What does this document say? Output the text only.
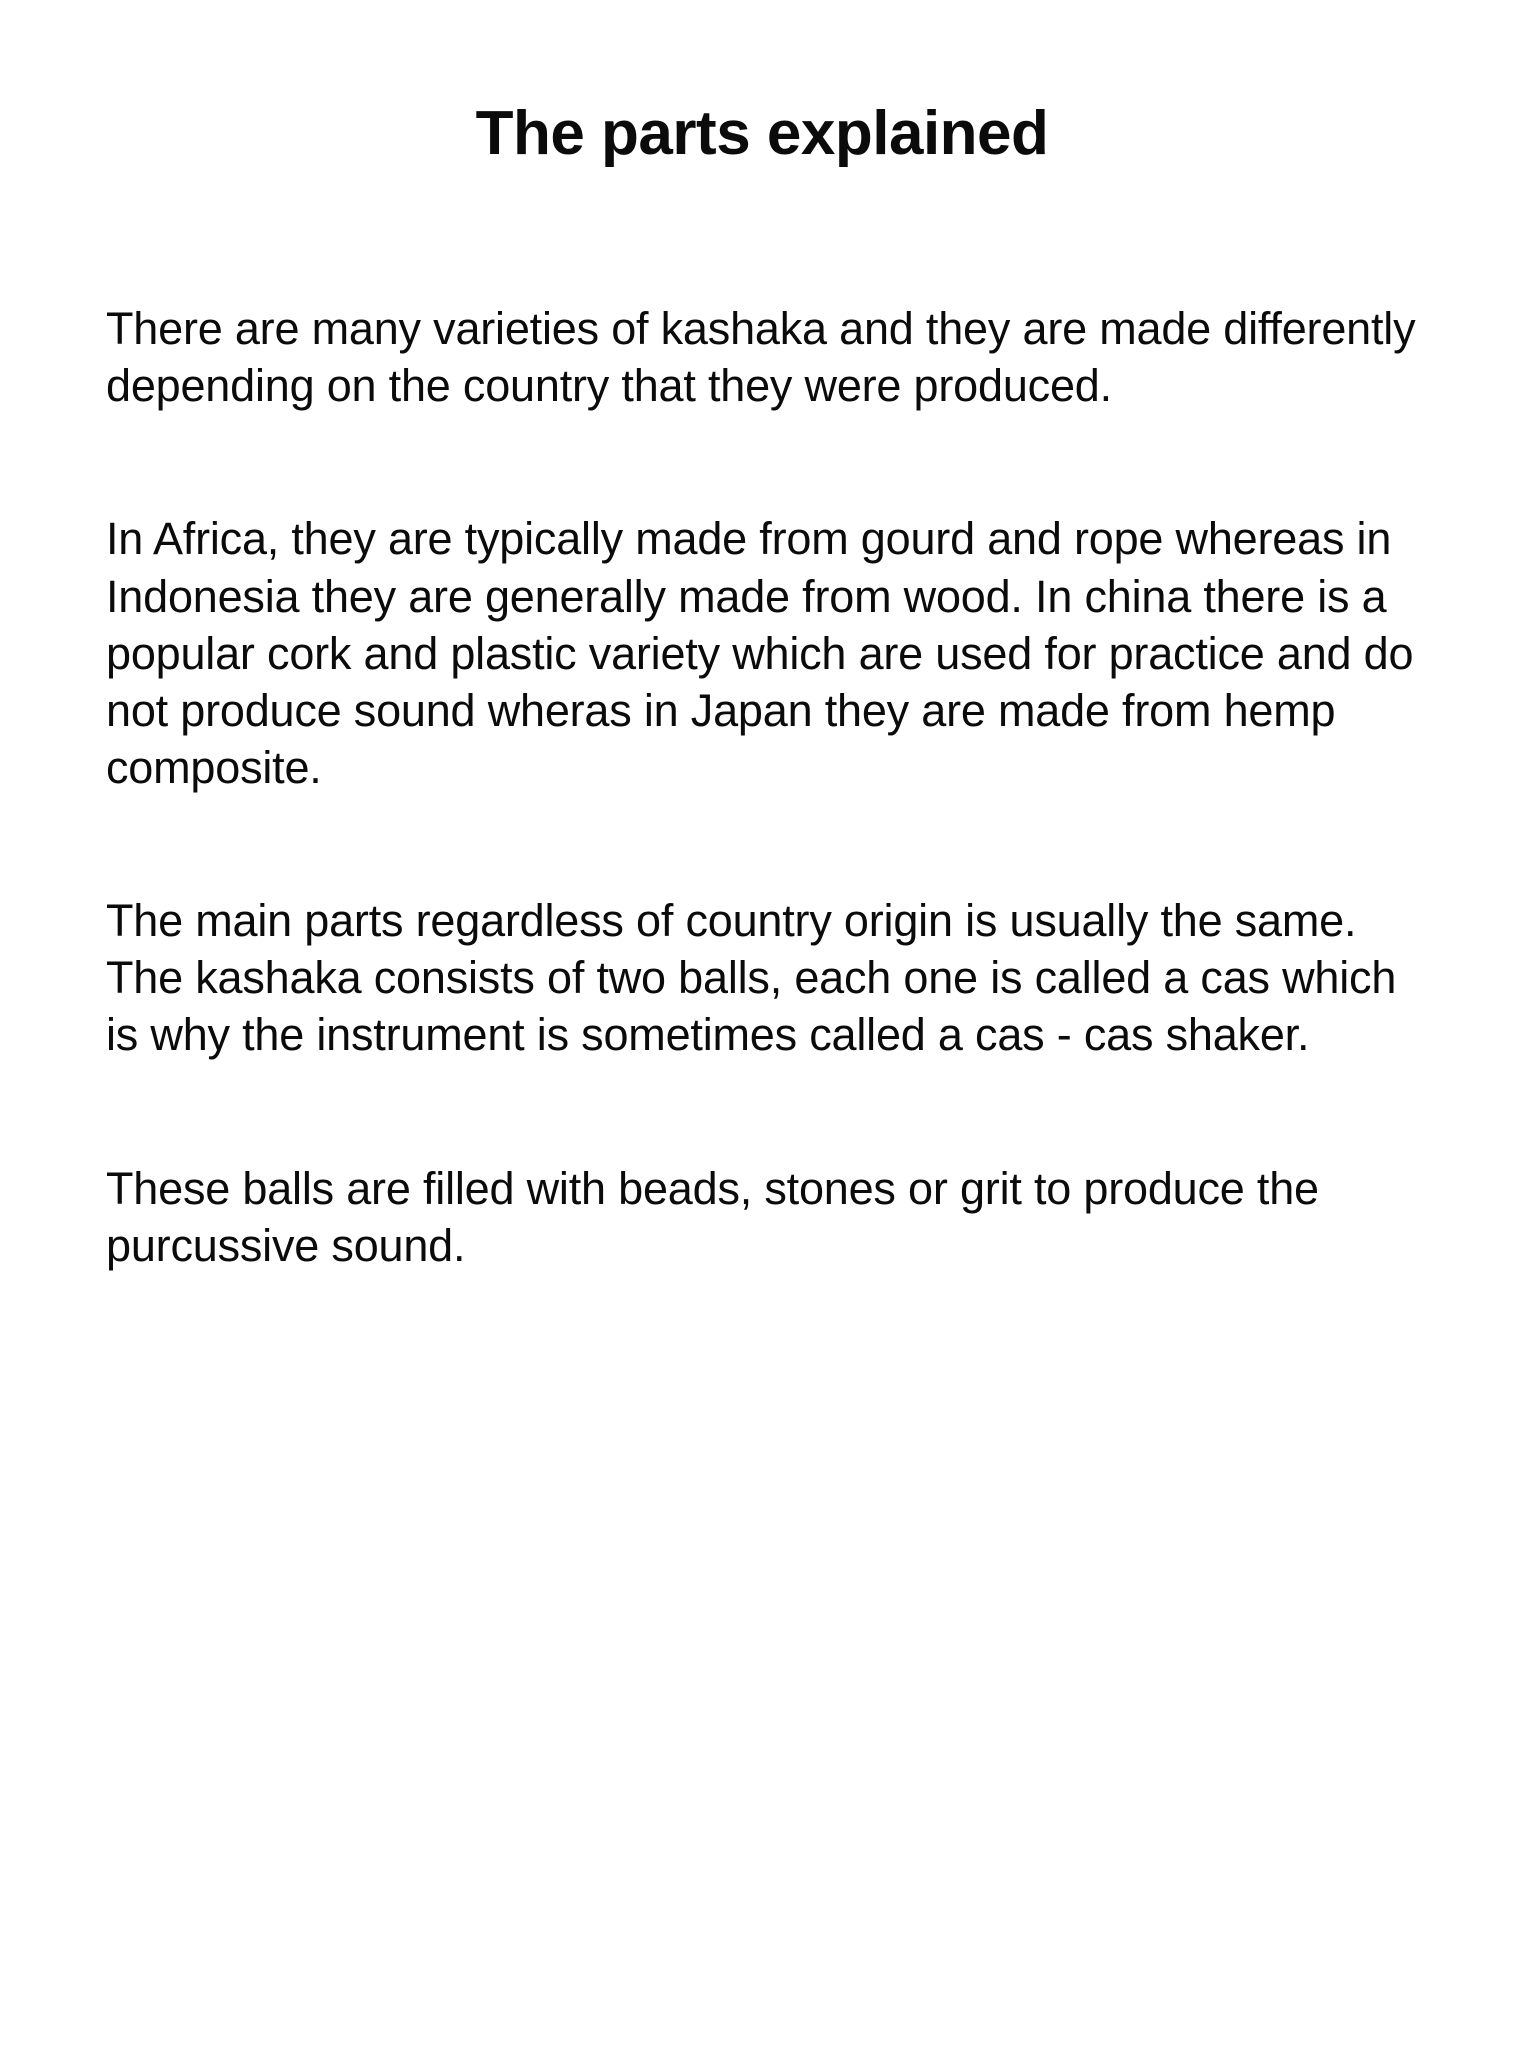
The parts explained

There are many varieties of kashaka and they are made differently depending on the country that they were produced.

In Africa, they are typically made from gourd and rope whereas in Indonesia they are generally made from wood. In china there is a popular cork and plastic variety which are used for practice and do not produce sound wheras in Japan they are made from hemp composite.

The main parts regardless of country origin is usually the same. The kashaka consists of two balls, each one is called a cas which is why the instrument is sometimes called a cas - cas shaker.

These balls are filled with beads, stones or grit to produce the purcussive sound.
